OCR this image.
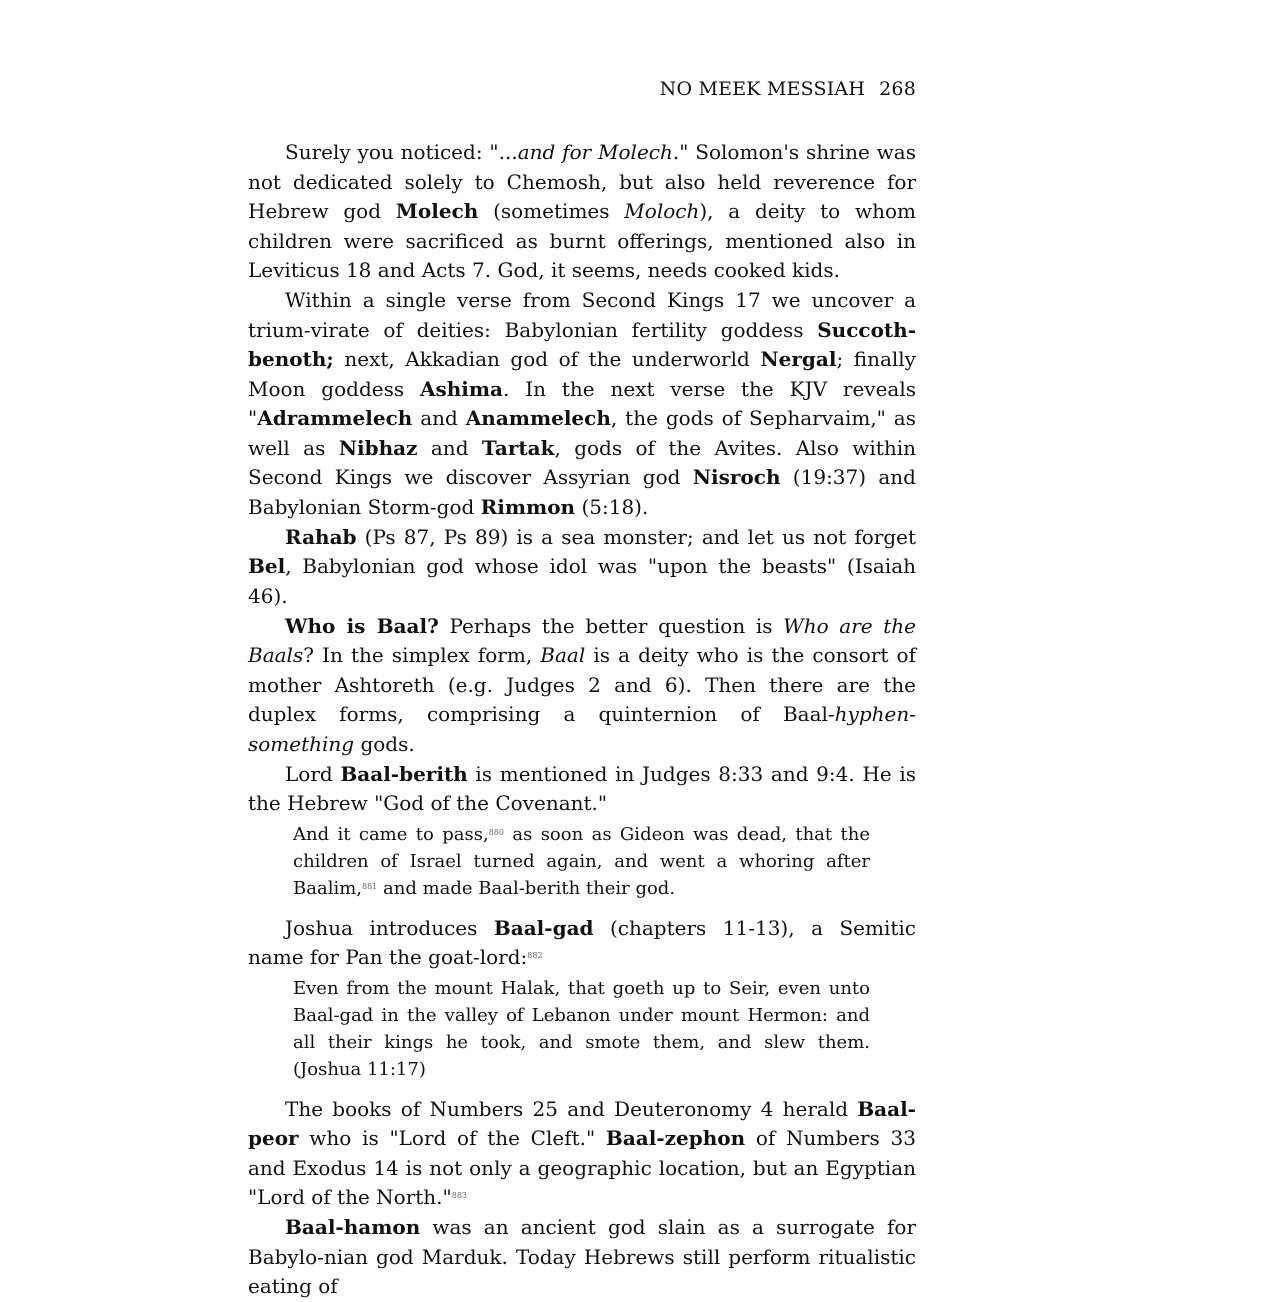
NO MEEK MESSIAH 268

Surely you noticed: "...and for Molech." Solomon's shrine was not dedicated solely to Chemosh, but also held reverence for Hebrew god Molech (sometimes Moloch), a deity to whom children were sacrificed as burnt offerings, mentioned also in Leviticus 18 and Acts 7. God, it seems, needs cooked kids.

Within a single verse from Second Kings 17 we uncover a trium-virate of deities: Babylonian fertility goddess Succoth-benoth; next, Akkadian god of the underworld Nergal; finally Moon goddess Ashima. In the next verse the KJV reveals "Adrammelech and Anammelech, the gods of Sepharvaim," as well as Nibhaz and Tartak, gods of the Avites. Also within Second Kings we discover Assyrian god Nisroch (19:37) and Babylonian Storm-god Rimmon (5:18).

Rahab (Ps 87, Ps 89) is a sea monster; and let us not forget Bel, Babylonian god whose idol was "upon the beasts" (Isaiah 46).

Who is Baal? Perhaps the better question is Who are the Baals? In the simplex form, Baal is a deity who is the consort of mother Ashtoreth (e.g. Judges 2 and 6). Then there are the duplex forms, comprising a quinternion of Baal-hyphen-something gods.

Lord Baal-berith is mentioned in Judges 8:33 and 9:4. He is the Hebrew "God of the Covenant."

And it came to pass,$^{880}$ as soon as Gideon was dead, that the children of Israel turned again, and went a whoring after Baalim,$^{881}$ and made Baal-berith their god.

Joshua introduces Baal-gad (chapters 11-13), a Semitic name for Pan the goat-lord:$^{882}$

Even from the mount Halak, that goeth up to Seir, even unto Baal-gad in the valley of Lebanon under mount Hermon: and all their kings he took, and smote them, and slew them. (Joshua 11:17)

The books of Numbers 25 and Deuteronomy 4 herald Baal-peor who is "Lord of the Cleft." Baal-zephon of Numbers 33 and Exodus 14 is not only a geographic location, but an Egyptian "Lord of the North."$^{883}$

Baal-hamon was an ancient god slain as a surrogate for Babylo-nian god Marduk. Today Hebrews still perform ritualistic eating of
